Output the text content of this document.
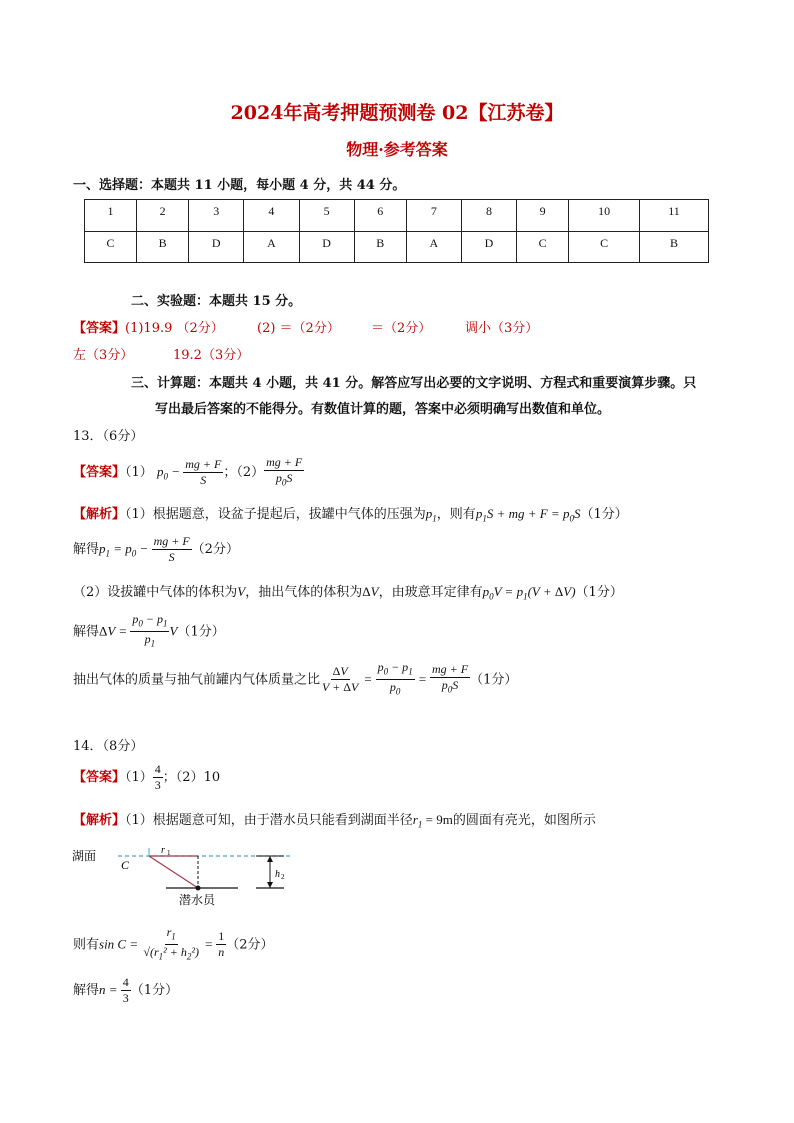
2024年高考押题预测卷 02【江苏卷】
物理·参考答案
一、选择题：本题共 11 小题，每小题 4 分，共 44 分。
1	2	3	4	5	6	7	8	9	10	11
C	B	D	A	D	B	A	D	C	C	B
二、实验题：本题共 15 分。
【答案】(1)19.9 （2分）	(2) ＝（2分） ＝（2分）	调小（3分）
左（3分）	19.2（3分）
三、计算题：本题共 4 小题，共 41 分。解答应写出必要的文字说明、方程式和重要演算步骤。只
写出最后答案的不能得分。有数值计算的题，答案中必须明确写出数值和单位。
13．（6分）
【答案】（1） $p_0 - \frac{mg + F}{S}$ ；$(2) \frac{mg + F}{p_0S}$
【解析】（1）根据题意，设盆子提起后，拔罐中气体的压强为$p_1$，则有$p_1S$ + mg + $F = p_0S(1$分）
解得$p_1 = p_0 - \frac{mg + F}{S} (2$分）
（2）设拔罐中气体的体积为V，抽出气体的体积为ΔV，由玻意耳定律有$p_0V = p_1(V + \Delta V)(1$分）
解得$\Delta V = \frac{p_0 - p_1}{p_1} V(1$分）
抽出气体的质量与抽气前罐内气体质量之比 $\frac{\Delta V}{V + \Delta V} = \frac{p_0 - p_1}{p_0} = \frac{mg + F}{p_0S} (1$分）
14．（8分）
【答案】$(1) \frac{4}{3}$ ；（2）10
【解析】（1）根据题意可知，由于潜水员只能看到湖面半径$r_1 = 9m$的圆面有亮光，如图所示
湖面	r 1
C
潜水员
h 2
则有$\sin C = \frac{r_1}{√(r_1^2 + h_2^2)} = \frac{1}{n} (2$分）
解得$n = \frac{4}{3} (1$分）
